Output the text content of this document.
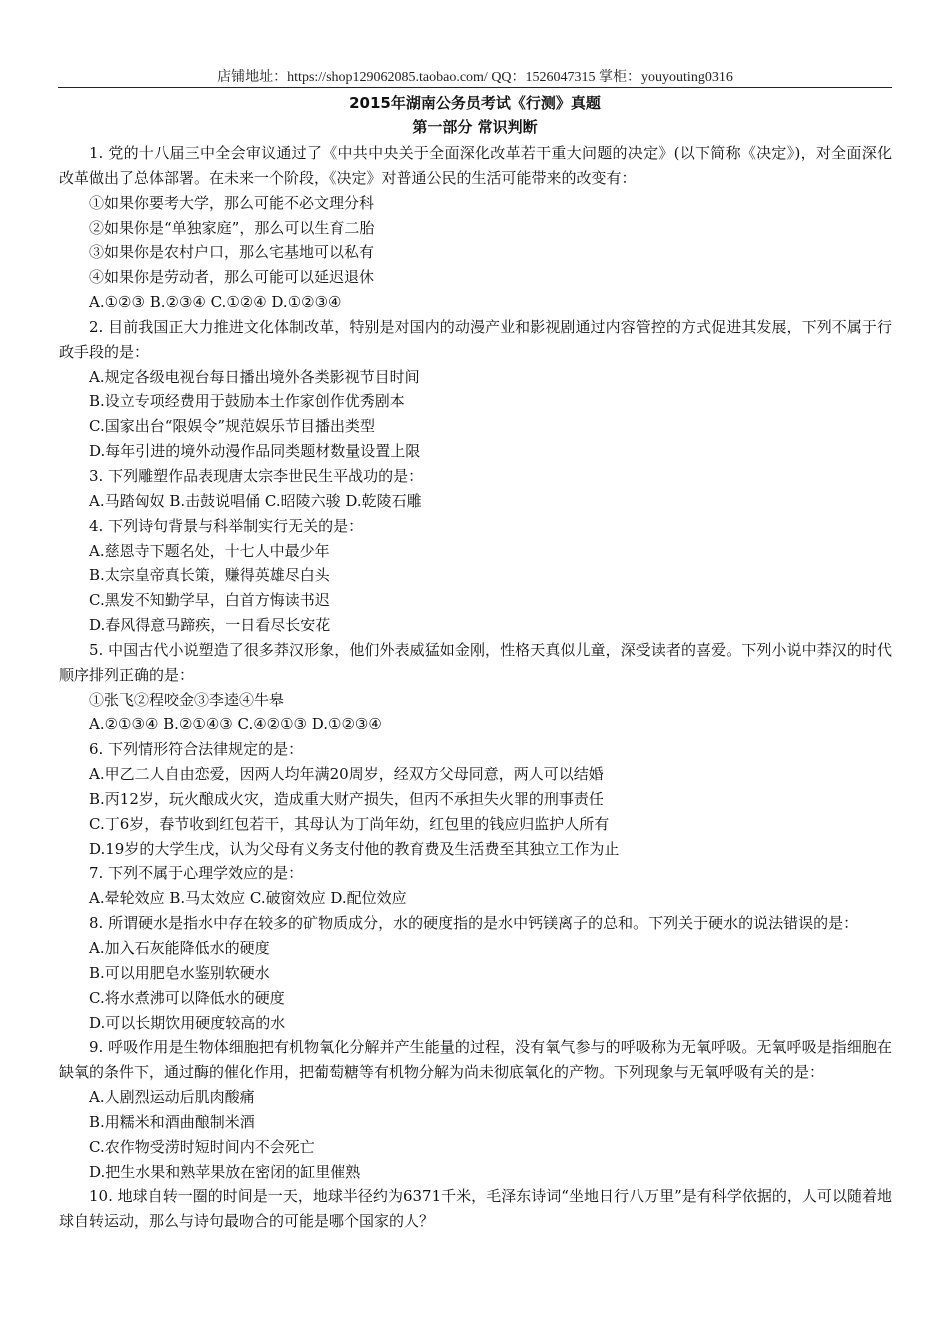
店铺地址：https://shop129062085.taobao.com/ QQ：1526047315 掌柜：youyouting0316
2015年湖南公务员考试《行测》真题
第一部分 常识判断
1. 党的十八届三中全会审议通过了《中共中央关于全面深化改革若干重大问题的决定》(以下简称《决定》)，对全面深化改革做出了总体部署。在未来一个阶段，《决定》对普通公民的生活可能带来的改变有：
①如果你要考大学，那么可能不必文理分科
②如果你是“单独家庭”，那么可以生育二胎
③如果你是农村户口，那么宅基地可以私有
④如果你是劳动者，那么可能可以延迟退休
A.①②③ B.②③④ C.①②④ D.①②③④
2. 目前我国正大力推进文化体制改革，特别是对国内的动漫产业和影视剧通过内容管控的方式促进其发展，下列不属于行政手段的是：
A.规定各级电视台每日播出境外各类影视节目时间
B.设立专项经费用于鼓励本土作家创作优秀剧本
C.国家出台“限娱令”规范娱乐节目播出类型
D.每年引进的境外动漫作品同类题材数量设置上限
3. 下列雕塑作品表现唐太宗李世民生平战功的是：
A.马踏匈奴 B.击鼓说唱俑 C.昭陵六骏 D.乾陵石雕
4. 下列诗句背景与科举制实行无关的是：
A.慈恩寺下题名处，十七人中最少年
B.太宗皇帝真长策，赚得英雄尽白头
C.黑发不知勤学早，白首方悔读书迟
D.春风得意马蹄疾，一日看尽长安花
5. 中国古代小说塑造了很多莽汉形象，他们外表威猛如金刚，性格天真似儿童，深受读者的喜爱。下列小说中莽汉的时代顺序排列正确的是：
①张飞②程咬金③李逵④牛皋
A.②①③④ B.②①④③ C.④②①③ D.①②③④
6. 下列情形符合法律规定的是：
A.甲乙二人自由恋爱，因两人均年满20周岁，经双方父母同意，两人可以结婚
B.丙12岁，玩火酿成火灾，造成重大财产损失，但丙不承担失火罪的刑事责任
C.丁6岁，春节收到红包若干，其母认为丁尚年幼，红包里的钱应归监护人所有
D.19岁的大学生戊，认为父母有义务支付他的教育费及生活费至其独立工作为止
7. 下列不属于心理学效应的是：
A.晕轮效应 B.马太效应 C.破窗效应 D.配位效应
8. 所谓硬水是指水中存在较多的矿物质成分，水的硬度指的是水中钙镁离子的总和。下列关于硬水的说法错误的是：
A.加入石灰能降低水的硬度
B.可以用肥皂水鉴别软硬水
C.将水煮沸可以降低水的硬度
D.可以长期饮用硬度较高的水
9. 呼吸作用是生物体细胞把有机物氧化分解并产生能量的过程，没有氧气参与的呼吸称为无氧呼吸。无氧呼吸是指细胞在缺氧的条件下，通过酶的催化作用，把葡萄糖等有机物分解为尚未彻底氧化的产物。下列现象与无氧呼吸有关的是：
A.人剧烈运动后肌肉酸痛
B.用糯米和酒曲酿制米酒
C.农作物受涝时短时间内不会死亡
D.把生水果和熟苹果放在密闭的缸里催熟
10. 地球自转一圈的时间是一天，地球半径约为6371千米，毛泽东诗词“坐地日行八万里”是有科学依据的，人可以随着地球自转运动，那么与诗句最吻合的可能是哪个国家的人？
